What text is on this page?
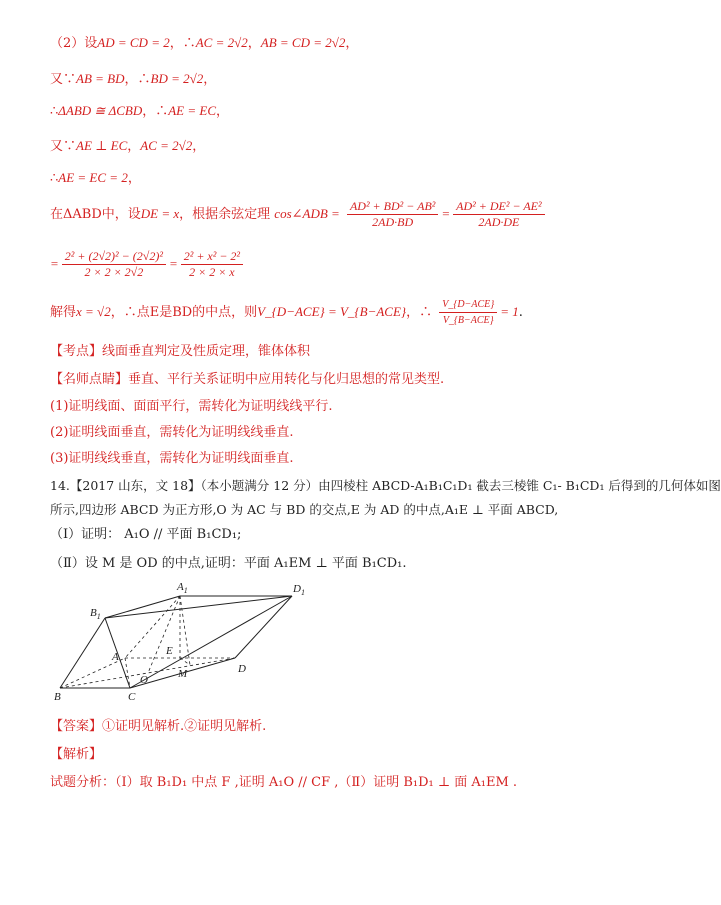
（2）设AD = CD = 2，∴AC = 2√2，AB = CD = 2√2，
又∵AB = BD，∴BD = 2√2，
∴ΔABD ≅ ΔCBD，∴AE = EC，
又∵AE ⊥ EC，AC = 2√2，
∴AE = EC = 2，
在ΔABD中，设DE = x，根据余弦定理 cos∠ADB = $\frac{\text{AD² + BD² − AB²}}{2AD\cdot BD} = \frac{\text{AD² + DE² − AE²}}{2AD\cdot DE}$
= $\frac{\text{2² + (2√2)² − (2√2)²}}{2 \times 2 \times 2√2} = \frac{\text{2² + x² − 2²}}{2 \times 2 \times x}$
解得x = √2，∴点E是BD的中点，则V_{D−ACE} = V_{B−ACE}，∴ $\frac{\text{V\_\{D−ACE\}}}{\text{V\_\{B−ACE\}}} = 1$.
【考点】线面垂直判定及性质定理，锥体体积
【名师点睛】垂直、平行关系证明中应用转化与化归思想的常见类型.
(1)证明线面、面面平行，需转化为证明线线平行.
(2)证明线面垂直，需转化为证明线线垂直.
(3)证明线线垂直，需转化为证明线面垂直.
14.【2017 山东，文 18】（本小题满分 12 分）由四棱柱 ABCD-A₁B₁C₁D₁ 截去三棱锥 C₁- B₁CD₁ 后得到的几何体如图
所示,四边形 ABCD 为正方形,O 为 AC 与 BD 的交点,E 为 AD 的中点,A₁E ⊥ 平面 ABCD,
（Ⅰ）证明： A₁O // 平面 B₁CD₁;
（Ⅱ）设 M 是 OD 的中点,证明：平面 A₁EM ⊥ 平面 B₁CD₁.
$A_1$
$B_1$
$D_1$
A
B	C
D
E
O	M
【答案】①证明见解析.②证明见解析.
【解析】
试题分析：（Ⅰ）取 B₁D₁ 中点 F ,证明 A₁O // CF ,（Ⅱ）证明 B₁D₁ ⊥ 面 A₁EM .
